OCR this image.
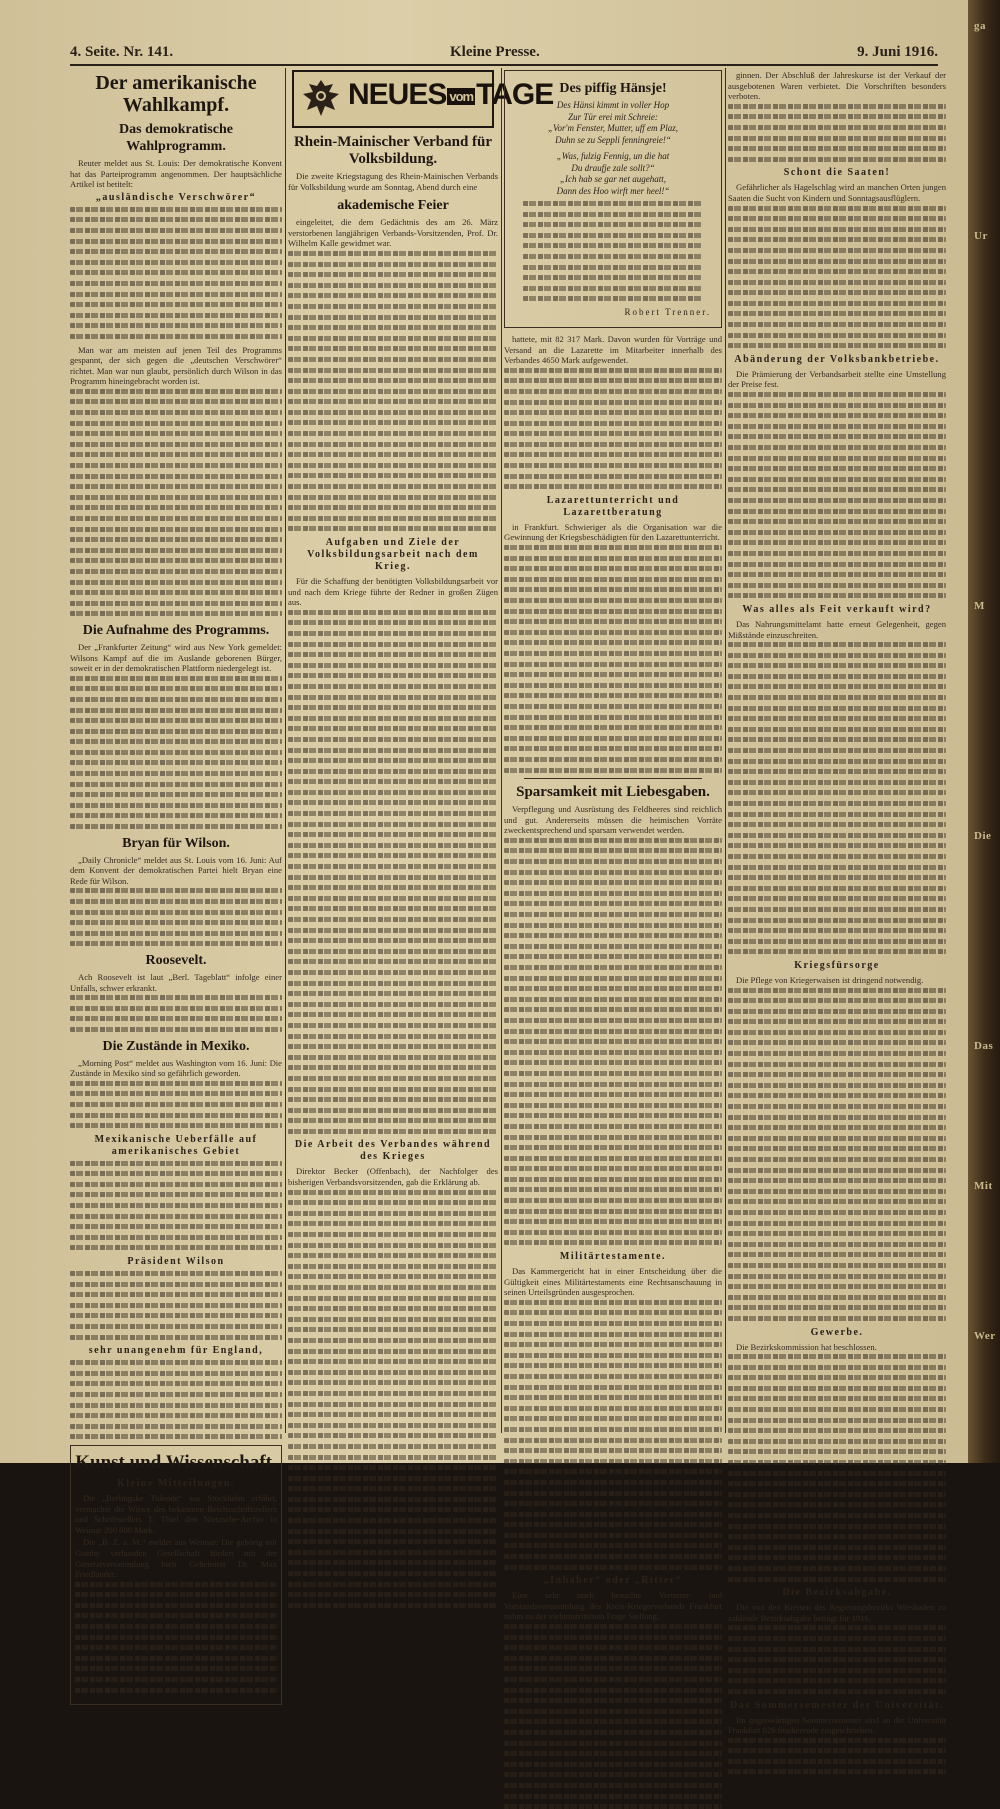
4. Seite. Nr. 141.	Kleine Presse.	9. Juni 1916.
Der amerikanische Wahlkampf.
Das demokratische Wahlprogramm.

Reuter meldet aus St. Louis: Der demokratische Konvent hat das Parteiprogramm angenommen. Der hauptsächliche Artikel ist betitelt:

„ausländische Verschwörer“

Man war am meisten auf jenen Teil des Programms gespannt, der sich gegen die „deutschen Verschwörer“ richtet. Man war nun glaubt, persönlich durch Wilson in das Programm hineingebracht worden ist.

Die Aufnahme des Programms.

Der „Frankfurter Zeitung“ wird aus New York gemeldet: Wilsons Kampf auf die im Auslande geborenen Bürger, soweit er in der demokratischen Plattform niedergelegt ist.

Bryan für Wilson.

„Daily Chronicle“ meldet aus St. Louis vom 16. Juni: Auf dem Konvent der demokratischen Partei hielt Bryan eine Rede für Wilson.

Roosevelt.

Ach Roosevelt ist laut „Berl. Tageblatt“ infolge einer Unfalls, schwer erkrankt.

Die Zustände in Mexiko.

„Morning Post“ meldet aus Washington vom 16. Juni: Die Zustände in Mexiko sind so gefährlich geworden.

Mexikanische Ueberfälle auf amerikanisches Gebiet
Präsident Wilson
sehr unangenehm für England,
Kunst und Wissenschaft.
Kleine Mitteilungen.

Die „Berlingske Tidende“ aus Stockholm erfährt, vermachte die Witwe des bekannten Reichsschriftstellers und Schriftstellers T. Thiel den Nietzsche-Archiv in Weimar 200 000 Mark.

Die „B. Z. a. M.“ meldet aus Weimar: Die gehörig mit Goethe verbunden Gesellschaft fördert mit der Generalversammlung hielt Geheimrat Dr. Max Friedländer.

NEUES vom TAGE
Rhein-Mainischer Verband für Volksbildung.

Die zweite Kriegstagung des Rhein-Mainischen Verbands für Volksbildung wurde am Sonntag, Abend durch eine

akademische Feier

eingeleitet, die dem Gedächtnis des am 26. März verstorbenen langjährigen Verbands-Vorsitzenden, Prof. Dr. Wilhelm Kalle gewidmet war.

Aufgaben und Ziele der Volksbildungsarbeit nach dem Krieg.

Für die Schaffung der benötigten Volksbildungsarbeit vor und nach dem Kriege führte der Redner in großen Zügen aus.

Die Arbeit des Verbandes während des Krieges

Direktor Becker (Offenbach), der Nachfolger des bisherigen Verbandsvorsitzenden, gab die Erklärung ab.

Des piffig Hänsje!
Des Hänsi kimmt in voller Hop
Zur Tür erei mit Schreie:
„Vor'm Fenster, Mutter, uff em Plaz,
Duhn se zu Seppli fenningreie!“
„Was, fulzig Fennig, un die hat
Du draufje zale sollt?“
„Ich hab se gar net augehatt,
Dann des Hoo wirft mer heel!“
Robert Trenner.

hattete, mit 82 317 Mark. Davon wurden für Vorträge und Versand an die Lazarette im Mitarbeiter innerhalb des Verbandes 4650 Mark aufgewendet.

Lazarettunterricht und Lazarettberatung

in Frankfurt. Schwieriger als die Organisation war die Gewinnung der Kriegsbeschädigten für den Lazarettunterricht.

Sparsamkeit mit Liebesgaben.

Verpflegung und Ausrüstung des Feldheeres sind reichlich und gut. Andererseits müssen die heimischen Vorräte zweckentsprechend und sparsam verwendet werden.

Militärtestamente.

Das Kammergericht hat in einer Entscheidung über die Gültigkeit eines Militärtestaments eine Rechtsanschauung in seinen Urteilsgründen ausgesprochen.

„Inhaber“ oder „Ritter“

Eine sehr stark besuchte Vertreter- und Vorstandsversammlung des Kreis-Kriegerverbands Frankfurt nahm zu der vielumstrittenen Frage Stellung.

ginnen. Der Abschluß der Jahreskurse ist der Verkauf der ausgebotenen Waren verbietet. Die Vorschriften besonders verboten.

Schont die Saaten!

Gefährlicher als Hagelschlag wird an manchen Orten jungen Saaten die Sucht von Kindern und Sonntagsausflüglern.

Abänderung der Volksbankbetriebe.

Die Prämierung der Verbandsarbeit stellte eine Umstellung der Preise fest.

Was alles als Feit verkauft wird?

Das Nahrungsmittelamt hatte erneut Gelegenheit, gegen Mißstände einzuschreiten.

Kriegsfürsorge

Die Pflege von Kriegerwaisen ist dringend notwendig.

Gewerbe.

Die Bezirkskommission hat beschlossen.

Die Bezirksabgabe.

Die von den Kreisen des Regierungsbezirks Wiesbaden zu zahlende Bezirksabgabe beträgt für 1916.

Das Sommersemester der Universität.

Im gegenwärtigen Sommersemester sind an der Universität Frankfurt 826 Studierende eingeschrieben.

ga
Ur
M
Die
Das
Mit
Wer
